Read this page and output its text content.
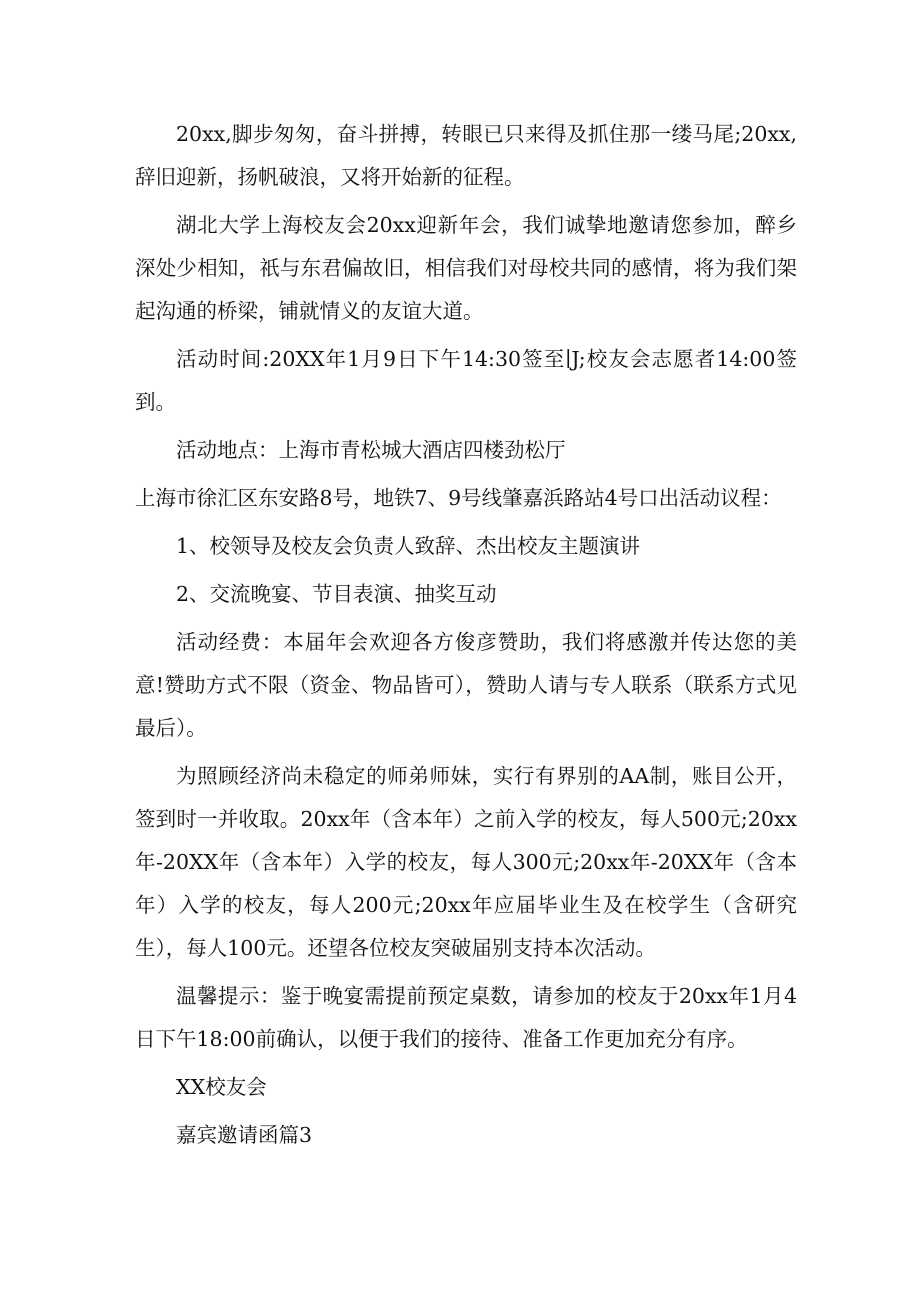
20xx,脚步匆匆，奋斗拼搏，转眼已只来得及抓住那一缕马尾;20xx,辞旧迎新，扬帆破浪，又将开始新的征程。

湖北大学上海校友会20xx迎新年会，我们诚挚地邀请您参加，醉乡深处少相知，祇与东君偏故旧，相信我们对母校共同的感情，将为我们架起沟通的桥梁，铺就情义的友谊大道。

活动时间:20XX年1月9日下午14:30签至∣J;校友会志愿者14:00签到。

活动地点：上海市青松城大酒店四楼劲松厅

上海市徐汇区东安路8号，地铁7、9号线肇嘉浜路站4号口出活动议程：

1、校领导及校友会负责人致辞、杰出校友主题演讲

2、交流晚宴、节目表演、抽奖互动

活动经费：本届年会欢迎各方俊彦赞助，我们将感激并传达您的美意!赞助方式不限（资金、物品皆可），赞助人请与专人联系（联系方式见最后）。

为照顾经济尚未稳定的师弟师妹，实行有界别的AA制，账目公开，签到时一并收取。20xx年（含本年）之前入学的校友，每人500元;20xx年-20XX年（含本年）入学的校友，每人300元;20xx年-20XX年（含本年）入学的校友，每人200元;20xx年应届毕业生及在校学生（含研究生），每人100元。还望各位校友突破届别支持本次活动。

温馨提示：鉴于晚宴需提前预定桌数，请参加的校友于20xx年1月4日下午18:00前确认，以便于我们的接待、准备工作更加充分有序。

XX校友会

嘉宾邀请函篇3
